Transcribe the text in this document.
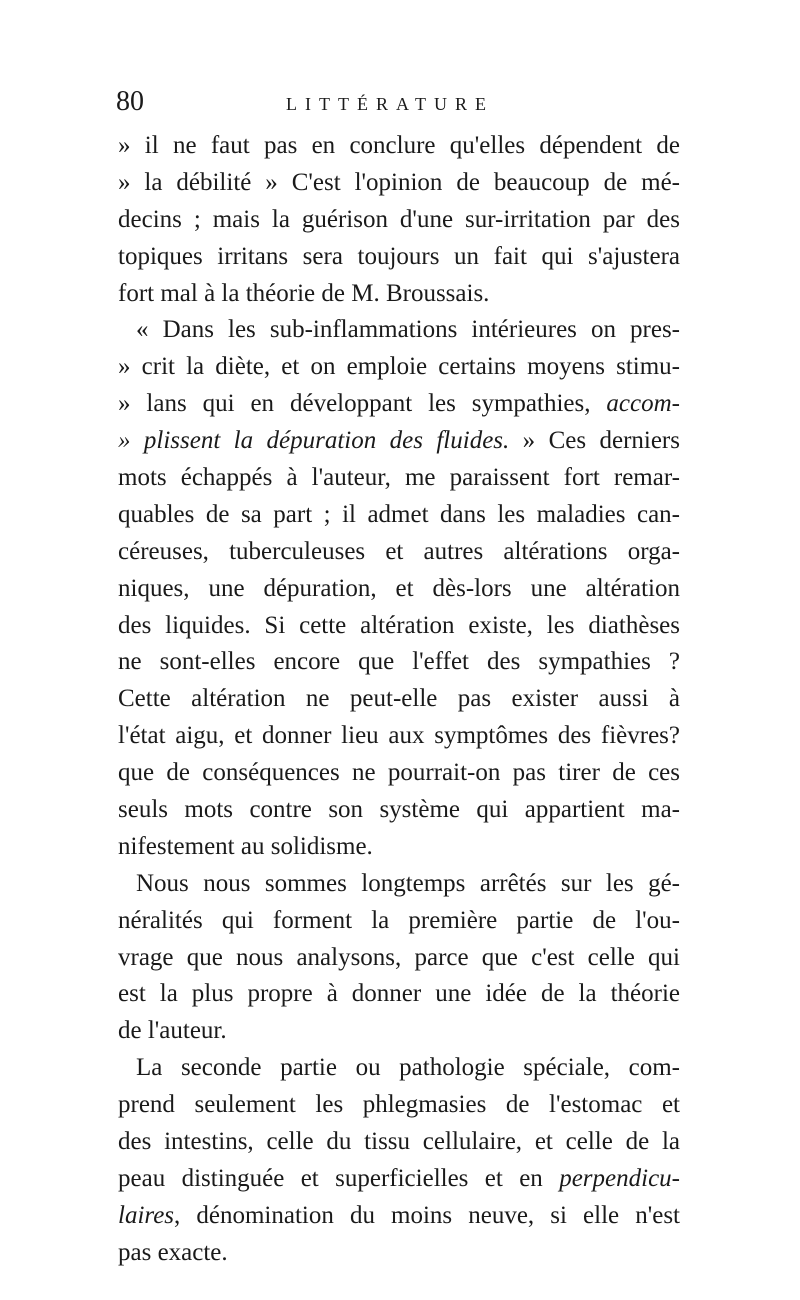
80	LITTÉRATURE
» il ne faut pas en conclure qu'elles dépendent de
» la débilité » C'est l'opinion de beaucoup de mé-
decins ; mais la guérison d'une sur-irritation par des
topiques irritans sera toujours un fait qui s'ajustera
fort mal à la théorie de M. Broussais.
« Dans les sub-inflammations intérieures on pres-
» crit la diète, et on emploie certains moyens stimu-
» lans qui en développant les sympathies, accom-
» plissent la dépuration des fluides. » Ces derniers
mots échappés à l'auteur, me paraissent fort remar-
quables de sa part ; il admet dans les maladies can-
céreuses, tuberculeuses et autres altérations orga-
niques, une dépuration, et dès-lors une altération
des liquides. Si cette altération existe, les diathèses
ne sont-elles encore que l'effet des sympathies ?
Cette altération ne peut-elle pas exister aussi à
l'état aigu, et donner lieu aux symptômes des fièvres?
que de conséquences ne pourrait-on pas tirer de ces
seuls mots contre son système qui appartient ma-
nifestement au solidisme.
Nous nous sommes longtemps arrêtés sur les gé-
néralités qui forment la première partie de l'ou-
vrage que nous analysons, parce que c'est celle qui
est la plus propre à donner une idée de la théorie
de l'auteur.
La seconde partie ou pathologie spéciale, com-
prend seulement les phlegmasies de l'estomac et
des intestins, celle du tissu cellulaire, et celle de la
peau distinguée et superficielles et en perpendicu-
laires, dénomination du moins neuve, si elle n'est
pas exacte.
